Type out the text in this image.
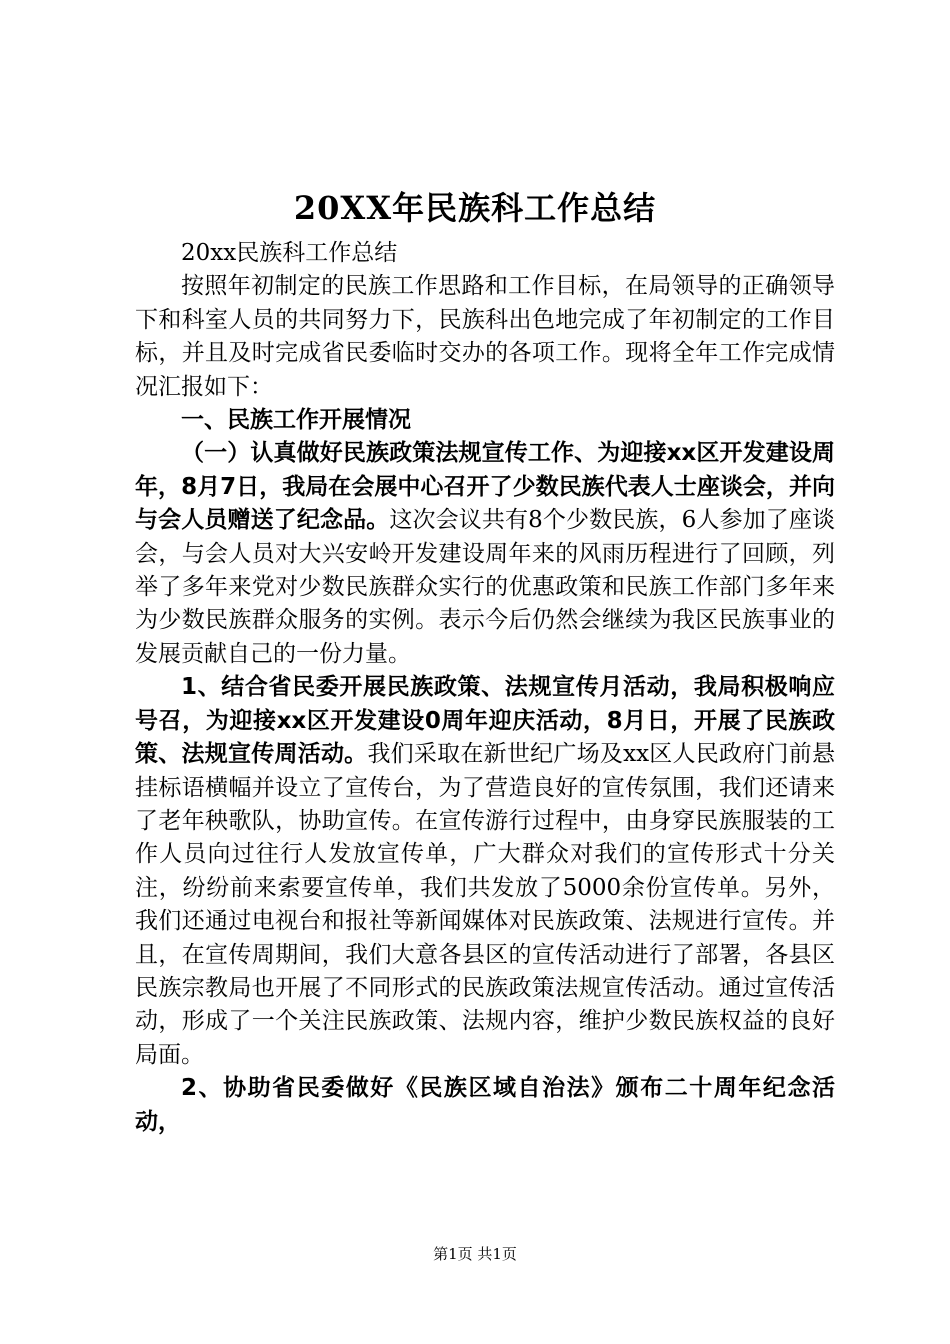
20XX年民族科工作总结

20xx民族科工作总结

按照年初制定的民族工作思路和工作目标，在局领导的正确领导下和科室人员的共同努力下，民族科出色地完成了年初制定的工作目标，并且及时完成省民委临时交办的各项工作。现将全年工作完成情况汇报如下：

一、民族工作开展情况

（一）认真做好民族政策法规宣传工作、为迎接xx区开发建设周年，8月7日，我局在会展中心召开了少数民族代表人士座谈会，并向与会人员赠送了纪念品。这次会议共有8个少数民族，6人参加了座谈会，与会人员对大兴安岭开发建设周年来的风雨历程进行了回顾，列举了多年来党对少数民族群众实行的优惠政策和民族工作部门多年来为少数民族群众服务的实例。表示今后仍然会继续为我区民族事业的发展贡献自己的一份力量。

1、结合省民委开展民族政策、法规宣传月活动，我局积极响应号召，为迎接xx区开发建设0周年迎庆活动，8月日，开展了民族政策、法规宣传周活动。我们采取在新世纪广场及xx区人民政府门前悬挂标语横幅并设立了宣传台，为了营造良好的宣传氛围，我们还请来了老年秧歌队，协助宣传。在宣传游行过程中，由身穿民族服装的工作人员向过往行人发放宣传单，广大群众对我们的宣传形式十分关注，纷纷前来索要宣传单，我们共发放了5000余份宣传单。另外，我们还通过电视台和报社等新闻媒体对民族政策、法规进行宣传。并且，在宣传周期间，我们大意各县区的宣传活动进行了部署，各县区民族宗教局也开展了不同形式的民族政策法规宣传活动。通过宣传活动，形成了一个关注民族政策、法规内容，维护少数民族权益的良好局面。

2、协助省民委做好《民族区域自治法》颁布二十周年纪念活动，

第1页 共1页
